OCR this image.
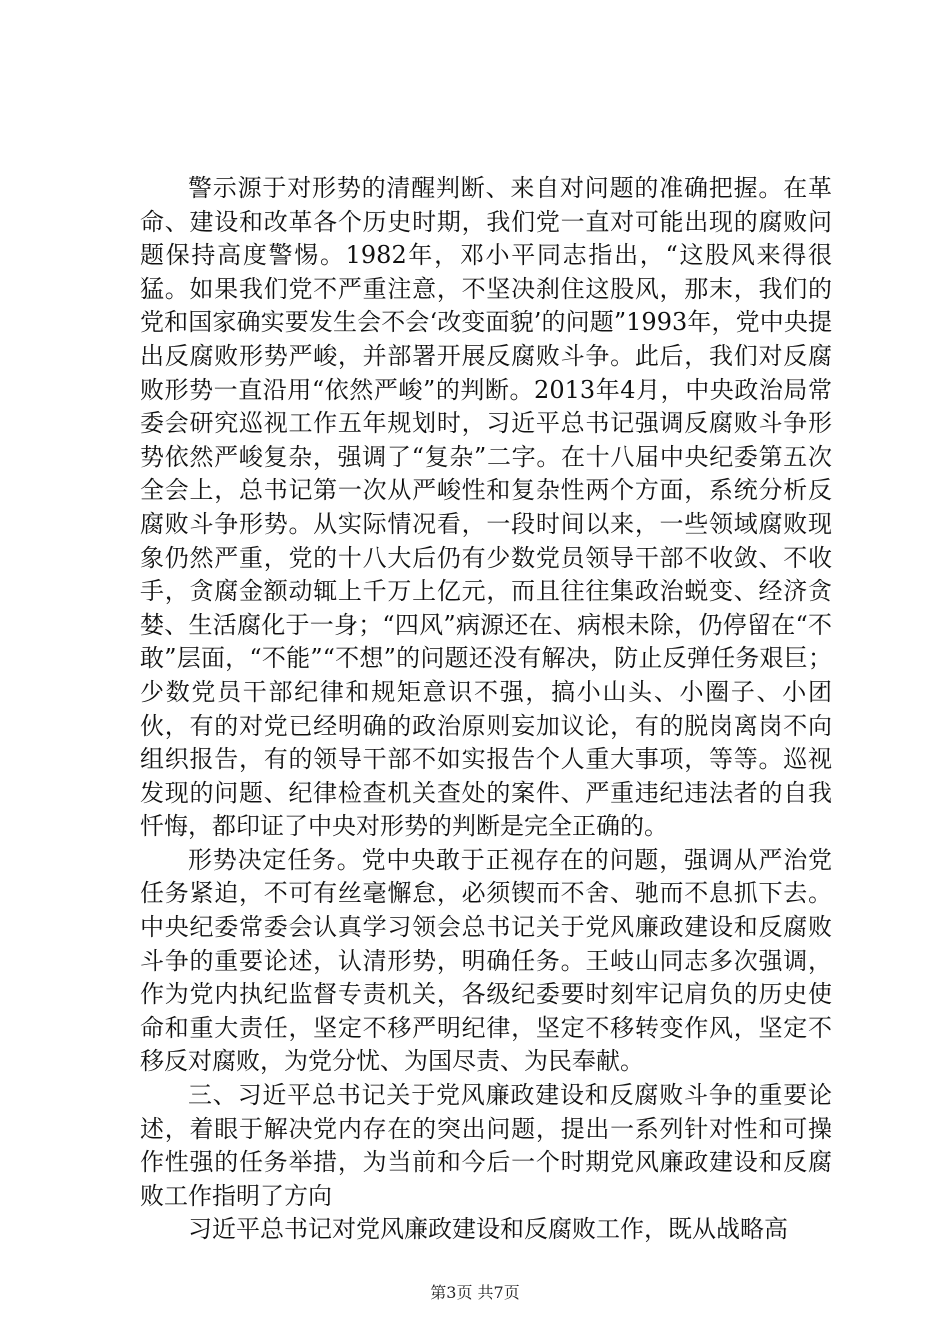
警示源于对形势的清醒判断、来自对问题的准确把握。在革命、建设和改革各个历史时期，我们党一直对可能出现的腐败问题保持高度警惕。1982年，邓小平同志指出，“这股风来得很猛。如果我们党不严重注意，不坚决刹住这股风，那末，我们的党和国家确实要发生会不会‘改变面貌’的问题”1993年，党中央提出反腐败形势严峻，并部署开展反腐败斗争。此后，我们对反腐败形势一直沿用“依然严峻”的判断。2013年4月，中央政治局常委会研究巡视工作五年规划时，习近平总书记强调反腐败斗争形势依然严峻复杂，强调了“复杂”二字。在十八届中央纪委第五次全会上，总书记第一次从严峻性和复杂性两个方面，系统分析反腐败斗争形势。从实际情况看，一段时间以来，一些领域腐败现象仍然严重，党的十八大后仍有少数党员领导干部不收敛、不收手，贪腐金额动辄上千万上亿元，而且往往集政治蜕变、经济贪婪、生活腐化于一身；“四风”病源还在、病根未除，仍停留在“不敢”层面，“不能”“不想”的问题还没有解决，防止反弹任务艰巨；少数党员干部纪律和规矩意识不强，搞小山头、小圈子、小团伙，有的对党已经明确的政治原则妄加议论，有的脱岗离岗不向组织报告，有的领导干部不如实报告个人重大事项，等等。巡视发现的问题、纪律检查机关查处的案件、严重违纪违法者的自我忏悔，都印证了中央对形势的判断是完全正确的。

形势决定任务。党中央敢于正视存在的问题，强调从严治党任务紧迫，不可有丝毫懈怠，必须锲而不舍、驰而不息抓下去。中央纪委常委会认真学习领会总书记关于党风廉政建设和反腐败斗争的重要论述，认清形势，明确任务。王岐山同志多次强调，作为党内执纪监督专责机关，各级纪委要时刻牢记肩负的历史使命和重大责任，坚定不移严明纪律，坚定不移转变作风，坚定不移反对腐败，为党分忧、为国尽责、为民奉献。

三、习近平总书记关于党风廉政建设和反腐败斗争的重要论述，着眼于解决党内存在的突出问题，提出一系列针对性和可操作性强的任务举措，为当前和今后一个时期党风廉政建设和反腐败工作指明了方向

习近平总书记对党风廉政建设和反腐败工作，既从战略高

第3页 共7页
